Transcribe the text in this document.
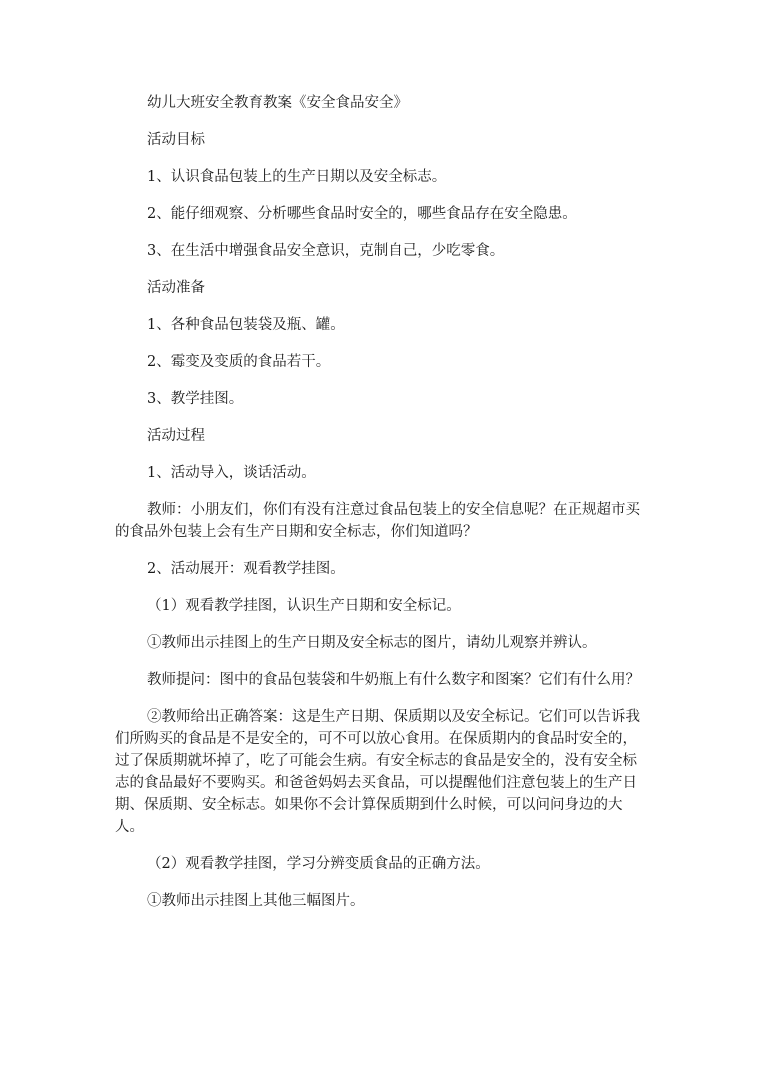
幼儿大班安全教育教案《安全食品安全》

活动目标

1、认识食品包装上的生产日期以及安全标志。

2、能仔细观察、分析哪些食品时安全的，哪些食品存在安全隐患。

3、在生活中增强食品安全意识，克制自己，少吃零食。

活动准备

1、各种食品包装袋及瓶、罐。

2、霉变及变质的食品若干。

3、教学挂图。

活动过程

1、活动导入，谈话活动。

教师：小朋友们，你们有没有注意过食品包装上的安全信息呢？在正规超市买的食品外包装上会有生产日期和安全标志，你们知道吗？

2、活动展开：观看教学挂图。

（1）观看教学挂图，认识生产日期和安全标记。

①教师出示挂图上的生产日期及安全标志的图片，请幼儿观察并辨认。

教师提问：图中的食品包装袋和牛奶瓶上有什么数字和图案？它们有什么用？

②教师给出正确答案：这是生产日期、保质期以及安全标记。它们可以告诉我们所购买的食品是不是安全的，可不可以放心食用。在保质期内的食品时安全的，过了保质期就坏掉了，吃了可能会生病。有安全标志的食品是安全的，没有安全标志的食品最好不要购买。和爸爸妈妈去买食品，可以提醒他们注意包装上的生产日期、保质期、安全标志。如果你不会计算保质期到什么时候，可以问问身边的大人。

（2）观看教学挂图，学习分辨变质食品的正确方法。

①教师出示挂图上其他三幅图片。
